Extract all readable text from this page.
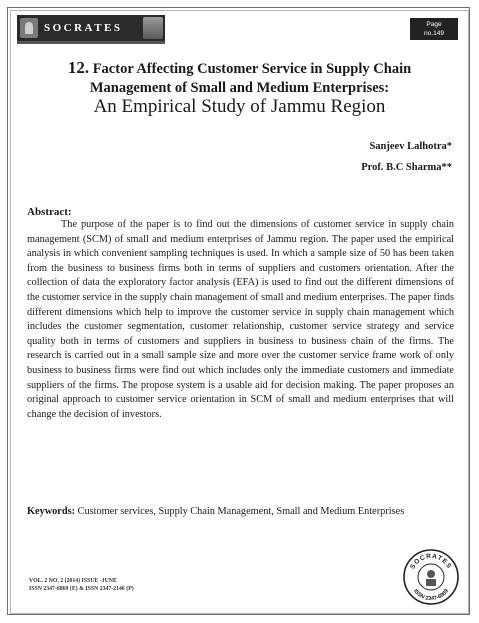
SOCRATES	Page
no.149
12. Factor Affecting Customer Service in Supply Chain
Management of Small and Medium Enterprises:
An Empirical Study of Jammu Region
Sanjeev Lalhotra*
Prof. B.C Sharma**
Abstract:
The purpose of the paper is to find out the dimensions of customer service in supply chain management (SCM) of small and medium enterprises of Jammu region. The paper used the empirical analysis in which convenient sampling techniques is used. In which a sample size of 50 has been taken from the business to business firms both in terms of suppliers and customers orientation. After the collection of data the exploratory factor analysis (EFA) is used to find out the different dimensions of the customer service in the supply chain management of small and medium enterprises. The paper finds different dimensions which help to improve the customer service in supply chain management which includes the customer segmentation, customer relationship, customer service strategy and service quality both in terms of customers and suppliers in business to business chain of the firms. The research is carried out in a small sample size and more over the customer service frame work of only business to business firms were find out which includes only the immediate customers and immediate suppliers of the firms. The propose system is a usable aid for decision making. The paper proposes an original approach to customer service orientation in SCM of small and medium enterprises that will change the decision of investors.
Keywords: Customer services, Supply Chain Management, Small and Medium Enterprises
VOL. 2 NO. 2 (2014) ISSUE -JUNE
ISSN 2347-6869 (E) & ISSN 2347-2146 (P)
SOCRATES
ISSN 2347-6869
